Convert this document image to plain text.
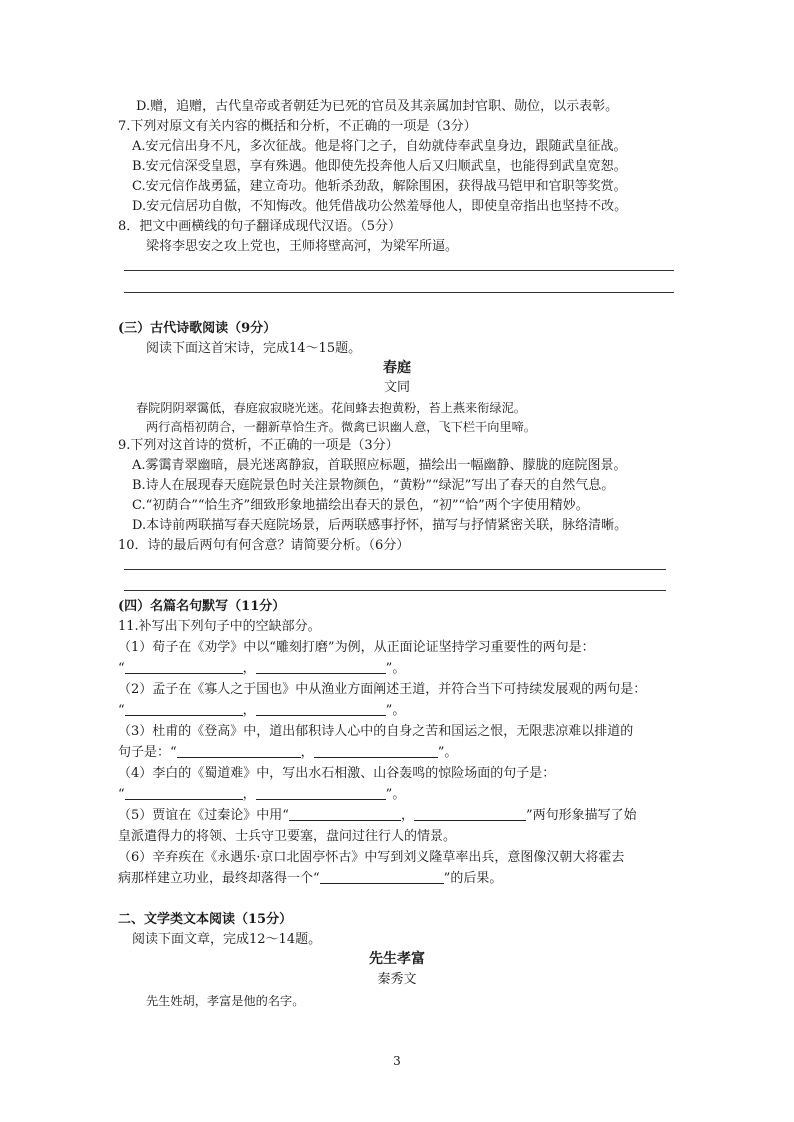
D.赠，追赠，古代皇帝或者朝廷为已死的官员及其亲属加封官职、勋位，以示表彰。
7.下列对原文有关内容的概括和分析，不正确的一项是（3分）
A.安元信出身不凡，多次征战。他是将门之子，自幼就侍奉武皇身边，跟随武皇征战。
B.安元信深受皇恩，享有殊遇。他即使先投奔他人后又归顺武皇，也能得到武皇宽恕。
C.安元信作战勇猛，建立奇功。他斩杀劲敌，解除围困，获得战马铠甲和官职等奖赏。
D.安元信居功自傲，不知悔改。他凭借战功公然羞辱他人，即使皇帝指出也坚持不改。
8．把文中画横线的句子翻译成现代汉语。（5分）
梁将李思安之攻上党也，王师将壁高河，为梁军所逼。
(三）古代诗歌阅读（9分）
阅读下面这首宋诗，完成14～15题。
春庭
文同
春院阴阴翠霭低，春庭寂寂晓光迷。花间蜂去抱黄粉，苔上燕来衔绿泥。
两行高梧初荫合，一翻新草恰生齐。微禽已识幽人意，飞下栏干向里啼。
9.下列对这首诗的赏析，不正确的一项是（3分）
A.雾霭青翠幽暗，晨光迷离静寂，首联照应标题，描绘出一幅幽静、朦胧的庭院图景。
B.诗人在展现春天庭院景色时关注景物颜色，“黄粉”“绿泥”写出了春天的自然气息。
C.“初荫合”“恰生齐”细致形象地描绘出春天的景色，“初”“恰”两个字使用精妙。
D.本诗前两联描写春天庭院场景，后两联感事抒怀，描写与抒情紧密关联，脉络清晰。
10．诗的最后两句有何含意？请简要分析。（6分）
(四）名篇名句默写（11分）
11.补写出下列句子中的空缺部分。
（1）荀子在《劝学》中以“雕刻打磨”为例，从正面论证坚持学习重要性的两句是：
“	，	”。
（2）孟子在《寡人之于国也》中从渔业方面阐述王道，并符合当下可持续发展观的两句是：
“	，	”。
（3）杜甫的《登高》中，道出郁积诗人心中的自身之苦和国运之恨，无限悲凉难以排道的
句子是：“	，	”。
（4）李白的《蜀道难》中，写出水石相激、山谷轰鸣的惊险场面的句子是：
“	，	”。
（5）贾谊在《过秦论》中用“	，	”两句形象描写了始
皇派遣得力的将领、士兵守卫要塞，盘问过往行人的情景。
（6）辛弃疾在《永遇乐·京口北固亭怀古》中写到刘义隆草率出兵，意图像汉朝大将霍去
病那样建立功业，最终却落得一个“	”的后果。
二、文学类文本阅读（15分）
阅读下面文章，完成12～14题。
先生孝富
秦秀文
先生姓胡，孝富是他的名字。
3
